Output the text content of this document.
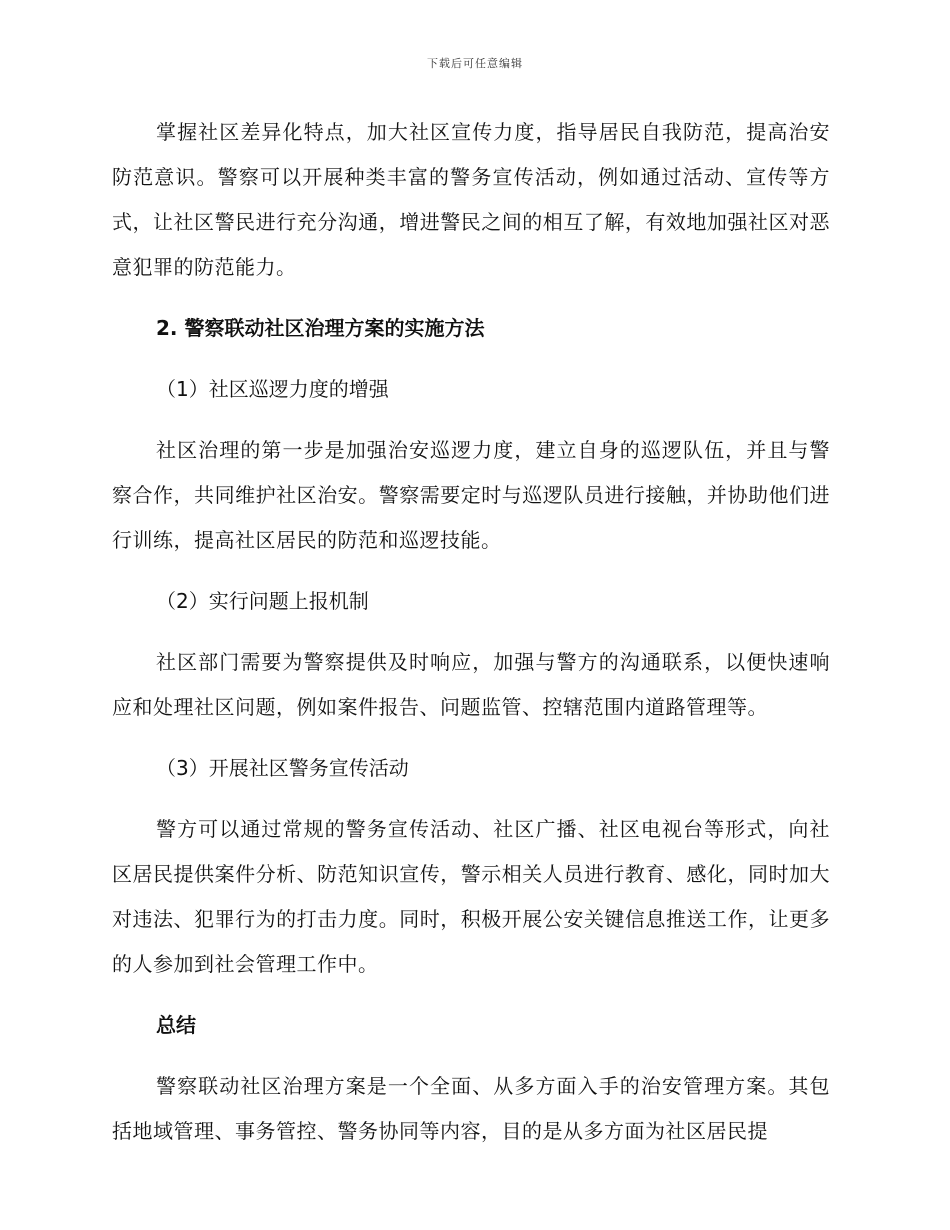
下载后可任意编辑

掌握社区差异化特点，加大社区宣传力度，指导居民自我防范，提高治安防范意识。警察可以开展种类丰富的警务宣传活动，例如通过活动、宣传等方式，让社区警民进行充分沟通，增进警民之间的相互了解，有效地加强社区对恶意犯罪的防范能力。

2. 警察联动社区治理方案的实施方法

（1）社区巡逻力度的增强

社区治理的第一步是加强治安巡逻力度，建立自身的巡逻队伍，并且与警察合作，共同维护社区治安。警察需要定时与巡逻队员进行接触，并协助他们进行训练，提高社区居民的防范和巡逻技能。

（2）实行问题上报机制

社区部门需要为警察提供及时响应，加强与警方的沟通联系，以便快速响应和处理社区问题，例如案件报告、问题监管、控辖范围内道路管理等。

（3）开展社区警务宣传活动

警方可以通过常规的警务宣传活动、社区广播、社区电视台等形式，向社区居民提供案件分析、防范知识宣传，警示相关人员进行教育、感化，同时加大对违法、犯罪行为的打击力度。同时，积极开展公安关键信息推送工作，让更多的人参加到社会管理工作中。

总结

警察联动社区治理方案是一个全面、从多方面入手的治安管理方案。其包括地域管理、事务管控、警务协同等内容，目的是从多方面为社区居民提
